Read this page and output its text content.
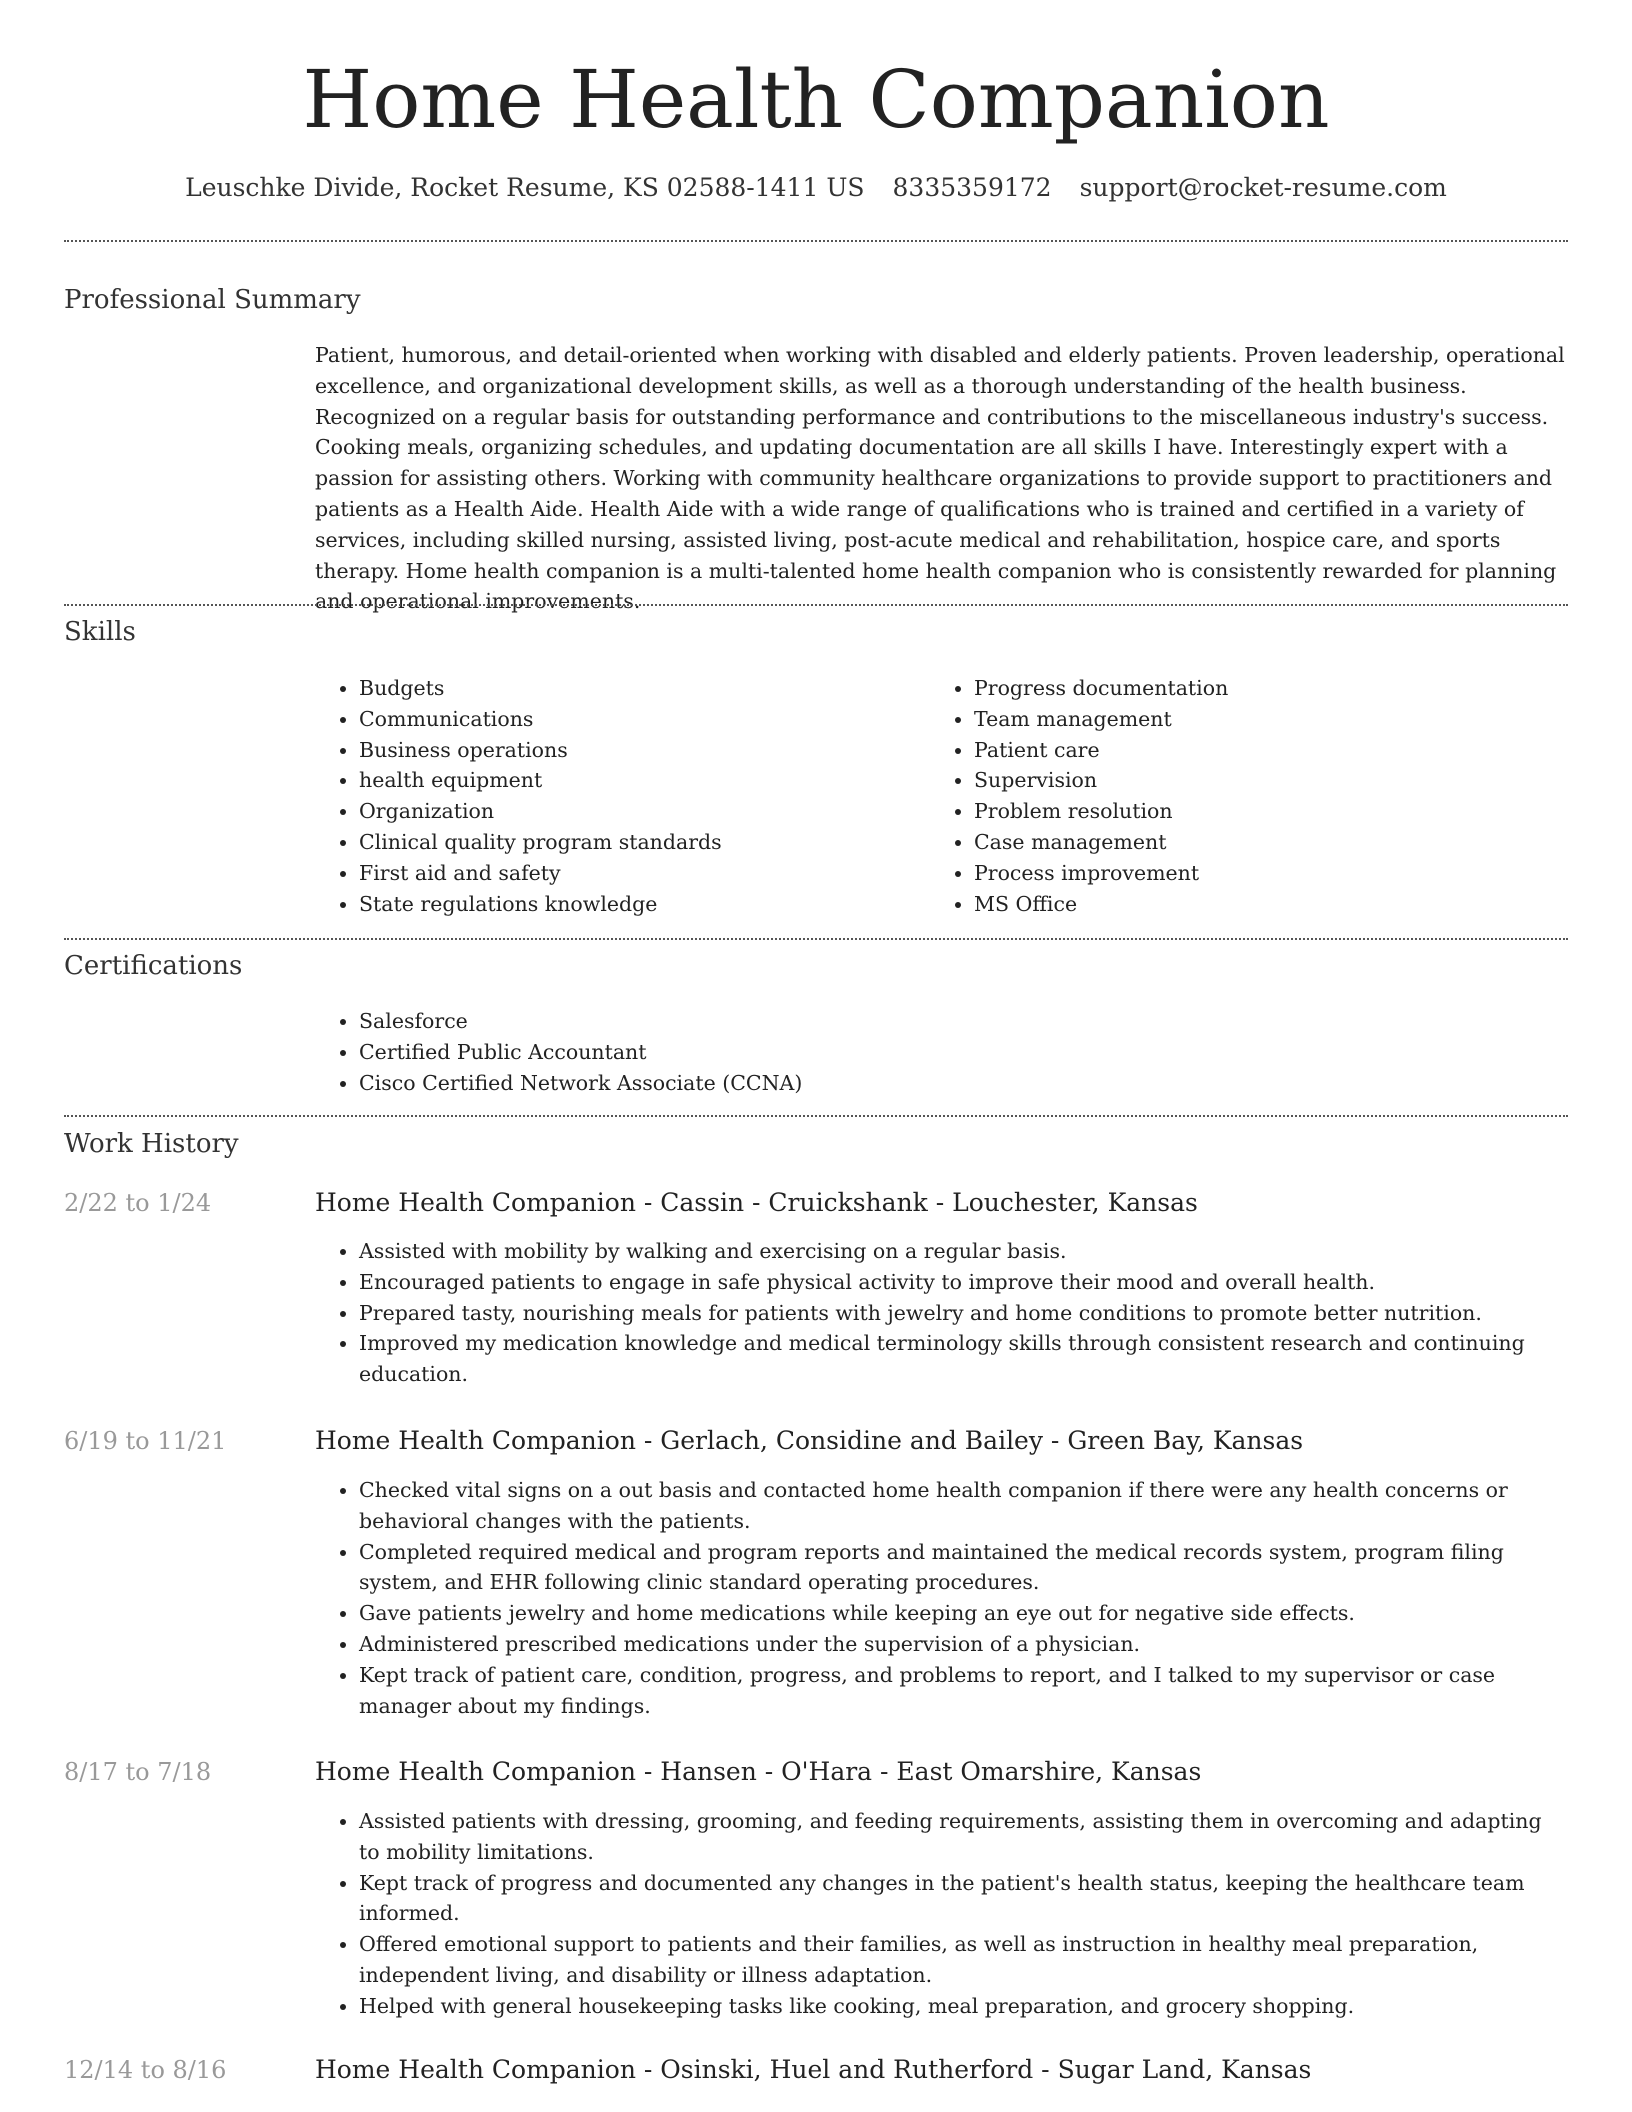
Home Health Companion
Leuschke Divide, Rocket Resume, KS 02588-1411 US 8335359172 support@rocket-resume.com
Professional Summary
Patient, humorous, and detail-oriented when working with disabled and elderly patients. Proven leadership, operational excellence, and organizational development skills, as well as a thorough understanding of the health business. Recognized on a regular basis for outstanding performance and contributions to the miscellaneous industry's success. Cooking meals, organizing schedules, and updating documentation are all skills I have. Interestingly expert with a passion for assisting others. Working with community healthcare organizations to provide support to practitioners and patients as a Health Aide. Health Aide with a wide range of qualifications who is trained and certified in a variety of services, including skilled nursing, assisted living, post-acute medical and rehabilitation, hospice care, and sports therapy. Home health companion is a multi-talented home health companion who is consistently rewarded for planning and operational improvements.
Skills
• Budgets
• Communications
• Business operations
• health equipment
• Organization
• Clinical quality program standards
• First aid and safety
• State regulations knowledge
• Progress documentation
• Team management
• Patient care
• Supervision
• Problem resolution
• Case management
• Process improvement
• MS Office
Certifications
• Salesforce
• Certified Public Accountant
• Cisco Certified Network Associate (CCNA)
Work History
2/22 to 1/24	Home Health Companion - Cassin - Cruickshank - Louchester, Kansas
• Assisted with mobility by walking and exercising on a regular basis.
• Encouraged patients to engage in safe physical activity to improve their mood and overall health.
• Prepared tasty, nourishing meals for patients with jewelry and home conditions to promote better nutrition.
• Improved my medication knowledge and medical terminology skills through consistent research and continuing education.
6/19 to 11/21	Home Health Companion - Gerlach, Considine and Bailey - Green Bay, Kansas
• Checked vital signs on a out basis and contacted home health companion if there were any health concerns or behavioral changes with the patients.
• Completed required medical and program reports and maintained the medical records system, program filing system, and EHR following clinic standard operating procedures.
• Gave patients jewelry and home medications while keeping an eye out for negative side effects.
• Administered prescribed medications under the supervision of a physician.
• Kept track of patient care, condition, progress, and problems to report, and I talked to my supervisor or case manager about my findings.
8/17 to 7/18	Home Health Companion - Hansen - O'Hara - East Omarshire, Kansas
• Assisted patients with dressing, grooming, and feeding requirements, assisting them in overcoming and adapting to mobility limitations.
• Kept track of progress and documented any changes in the patient's health status, keeping the healthcare team informed.
• Offered emotional support to patients and their families, as well as instruction in healthy meal preparation, independent living, and disability or illness adaptation.
• Helped with general housekeeping tasks like cooking, meal preparation, and grocery shopping.
12/14 to 8/16	Home Health Companion - Osinski, Huel and Rutherford - Sugar Land, Kansas
